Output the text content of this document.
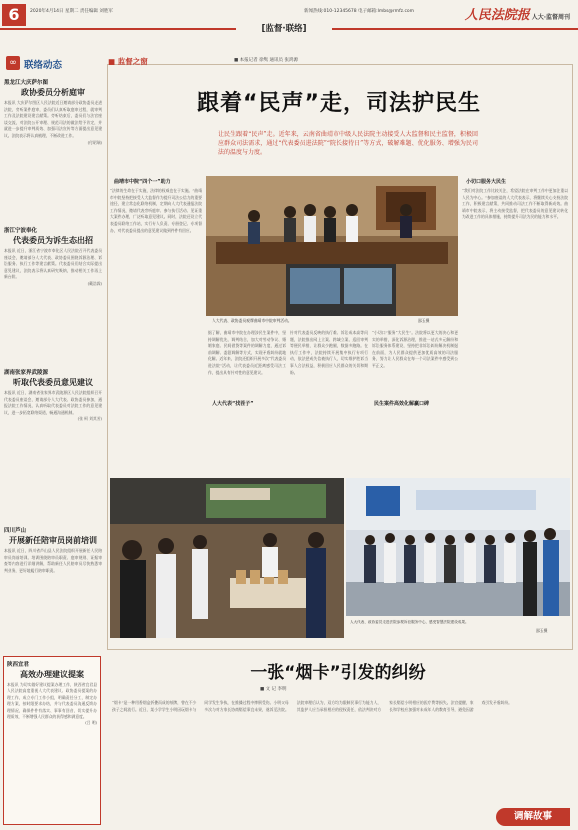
6	2020年4月14日 星期二 责任编辑 刘胜军	新闻热线:010-12345678 电子邮箱:lmbs@rmfz.com	人民法院报 人大·监督周刊
[监督·联络]
∞ 联络动态
黑龙江大庆萨尔图
政协委员分析庭审
本报讯 大庆萨尔图区人民法院近日邀请部分政协委员走进法院，旁听案件庭审，委员们认真听取庭审过程，就审判工作及法院建设建言献策。旁听结束后，委员们与法官座谈交流，对法院公开审理、规范司法的做法给予肯定，并就进一步提升审判质效、加强司法宣传等方面提出意见建议。法院表示将认真梳理，不断改进工作。
(付昭瑞)
浙江宁波奉化
代表委员为诉生态出招
本报讯 近日，浙江省宁波市奉化区人民法院召开代表委员座谈会，邀请部分人大代表、政协委员围绕诉源治理、诉讼服务、执行工作等建言献策。代表委员们结合实际提出意见建议，法院表示将认真研究吸纳，推动相关工作再上新台阶。
(戴浩霖)
湖南张家界武陵源
听取代表委员意见建议
本报讯 近日，湖南省张家界市武陵源区人民法院组织召开代表委员座谈会，邀请部分人大代表、政协委员参加，通报法院工作情况，认真听取代表委员对法院工作的意见建议，进一步拓宽联络渠道，畅通沟通机制。
(张 柯 刘其芳)
四川芦山
开展新任陪审员岗前培训
本报讯 近日，四川省芦山县人民法院组织开展新任人民陪审员岗前培训。培训围绕陪审员职责、庭审规则、证据审查等内容进行详细讲解，帮助新任人民陪审员尽快熟悉审判业务，更好地履行陪审职责。
陕西宜君
高效办理建议提案
本报讯 为切实做好建议提案办理工作，陕西省宜君县人民法院高度重视人大代表建议、政协委员提案的办理工作，成立专门工作小组，明确责任分工，制定办理方案，按时限要求办结，并与代表委员沟通反馈办理情况，确保件件有落实、事事有回音，切实提升办理质效，不断增强人民群众的获得感和满意度。
(吕 明)
■ 监督之窗	■ 本报记者 徐隽 通讯员 张鸿源
跟着“民声”走，司法护民生
让民生跟着“民声”走。近年来，云南省曲靖市中级人民法院主动接受人大监督和民主监督，积极回应群众司法需求，通过“代表委员进法院”“院长接待日”等方式，破解难题、优化服务、增强为民司法的温度与力度。
人大代表、政协委员观摩曲靖市中院审判活动。	邵玉摄
曲靖市中院“四个一”助力
“法律的生命在于实施，法律的权威也在于实施。”曲靖市中院坚持把接受人大监督作为提升司法公信力的重要途径，建立常态化联络机制，定期向人大代表通报法院工作情况，邀请代表旁听庭审、参与执行活动、见证重大案件办理，广泛听取意见建议。同时，法院还设立代表委员联络工作站，实行专人负责、专册登记、专项督办，对代表委员提出的意见建议做到件件有回应。
小切口服务大民生
“我们对法院工作比较关注，希望法院在审判工作中更加注重以人民为中心。”参加座谈的人大代表表示，将继续关心支持法院工作，积极建言献策，共同推动司法工作不断取得新成效。曲靖市中院表示，将主动接受监督，把代表委员的意见建议转化为改进工作的具体措施，持续提升司法为民的能力和水平。
据了解，曲靖市中院在办理涉民生案件中，坚持调解优先、调判结合，加大对劳动争议、婚姻家庭、民间借贷等案件的调解力度，通过诉前调解、委派调解等方式，实现矛盾纠纷就地化解。近年来，法院还组织开展多次“代表委员进法院”活动，让代表委员近距离感受司法工作，提出具有针对性的意见建议。
人大代表“找茬子”
针对代表委员反映的执行难、诉讼成本高等问题，法院推出网上立案、跨域立案、巡回审判等便民举措，让群众少跑腿，数据多跑路。在执行工作中，法院持续开展集中执行专项行动，依法惩戒失信被执行人，切实维护胜诉当事人合法权益，积极回应人民群众的关切和期盼。
“小切口”服务“大民生”。法院将以更大的决心和更实的举措，深化诉源治理，推进一站式多元解纷和诉讼服务体系建设，坚持把非诉讼纠纷解决机制挺在前面，为人民群众提供更加优质高效的司法服务，努力让人民群众在每一个司法案件中感受到公平正义。
民生案件高效化解赢口碑
人大代表、政协委员走进法院参观诉讼服务中心，感受智慧法院建设成果。
邵玉摄
一张“烟卡”引发的纠纷
■ 文 记 李明
“烟卡”是一种用香烟盒折叠而成的纸牌，曾在不少孩子之间流行。近日，某小学学生小明因玩烟卡与同学发生争执，在推搡过程中摔倒受伤。小明父母多次与对方家长协商赔偿事宜未果，遂诉至法院。法院审理后认为，双方均为限制民事行为能力人，其监护人应当承担相应的侵权责任，依法判决对方家长赔偿小明相应的医疗费等损失。法官提醒，家长和学校应加强对未成年人的教育引导，避免因游戏引发矛盾纠纷。
调解故事
